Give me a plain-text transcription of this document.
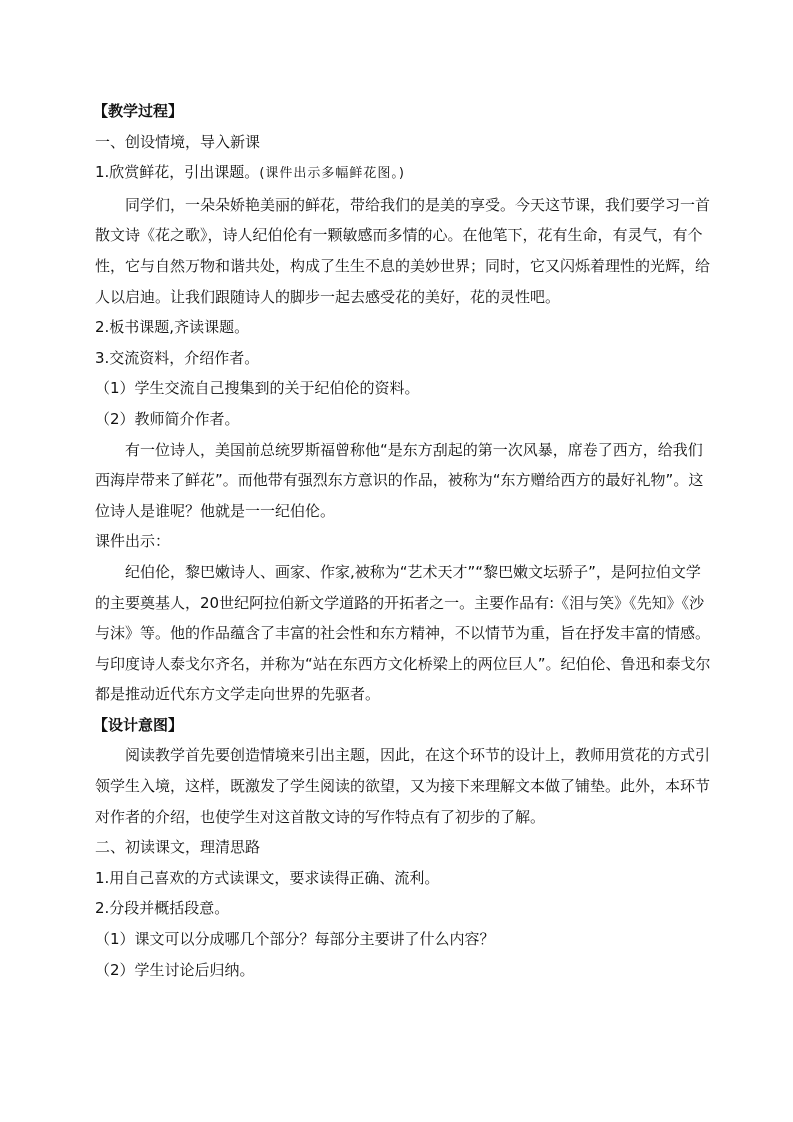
【教学过程】

一、创设情境，导入新课

1.欣赏鲜花，引出课题。(课件出示多幅鲜花图。)

同学们，一朵朵娇艳美丽的鲜花，带给我们的是美的享受。今天这节课，我们要学习一首散文诗《花之歌》，诗人纪伯伦有一颗敏感而多情的心。在他笔下，花有生命，有灵气，有个性，它与自然万物和谐共处，构成了生生不息的美妙世界；同时，它又闪烁着理性的光辉，给人以启迪。让我们跟随诗人的脚步一起去感受花的美好，花的灵性吧。

2.板书课题,齐读课题。

3.交流资料，介绍作者。

（1）学生交流自己搜集到的关于纪伯伦的资料。

（2）教师简介作者。

有一位诗人，美国前总统罗斯福曾称他“是东方刮起的第一次风暴，席卷了西方，给我们西海岸带来了鲜花”。而他带有强烈东方意识的作品，被称为“东方赠给西方的最好礼物”。这位诗人是谁呢？他就是一一纪伯伦。

课件出示：

纪伯伦，黎巴嫩诗人、画家、作家,被称为“艺术天才”“黎巴嫩文坛骄子”，是阿拉伯文学的主要奠基人，20世纪阿拉伯新文学道路的开拓者之一。主要作品有:《泪与笑》《先知》《沙与沫》等。他的作品蕴含了丰富的社会性和东方精神，不以情节为重，旨在抒发丰富的情感。与印度诗人泰戈尔齐名，并称为“站在东西方文化桥梁上的两位巨人”。纪伯伦、鲁迅和泰戈尔都是推动近代东方文学走向世界的先驱者。

【设计意图】

阅读教学首先要创造情境来引出主题，因此，在这个环节的设计上，教师用赏花的方式引领学生入境，这样，既激发了学生阅读的欲望，又为接下来理解文本做了铺垫。此外，本环节对作者的介绍，也使学生对这首散文诗的写作特点有了初步的了解。

二、初读课文，理清思路

1.用自己喜欢的方式读课文，要求读得正确、流利。

2.分段并概括段意。

（1）课文可以分成哪几个部分？每部分主要讲了什么内容？

（2）学生讨论后归纳。
